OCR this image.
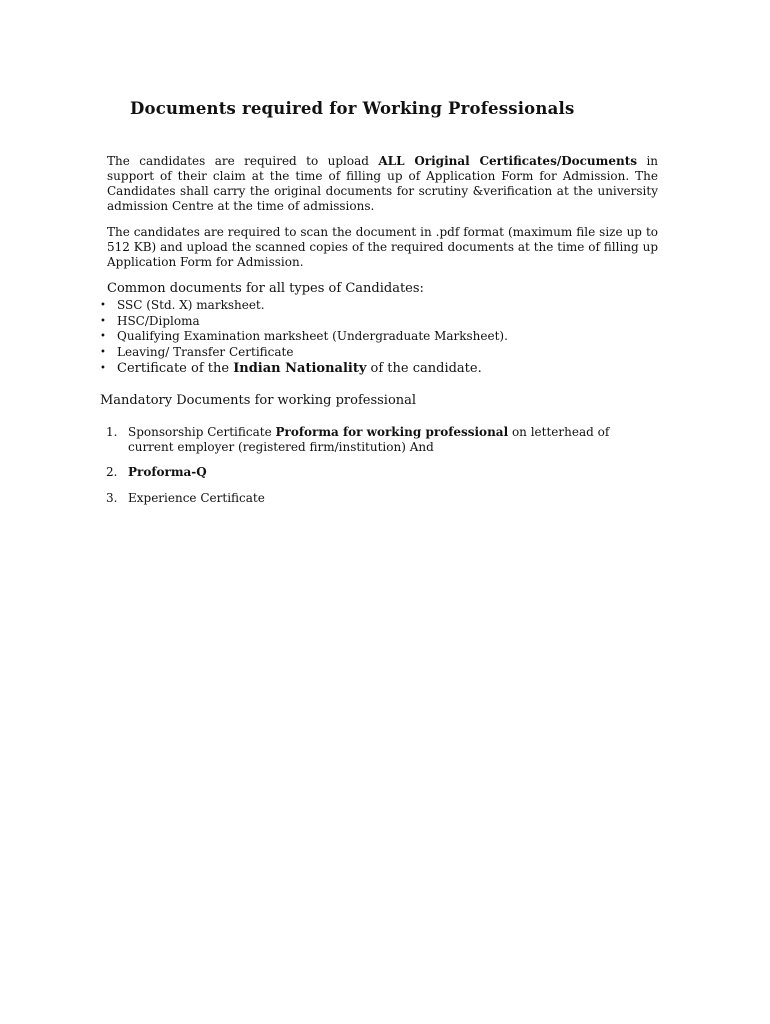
Documents required for Working Professionals
The candidates are required to upload ALL Original Certificates/Documents in support of their claim at the time of filling up of Application Form for Admission. The Candidates shall carry the original documents for scrutiny &verification at the university admission Centre at the time of admissions.
The candidates are required to scan the document in .pdf format (maximum file size up to 512 KB) and upload the scanned copies of the required documents at the time of filling up Application Form for Admission.
Common documents for all types of Candidates:
• SSC (Std. X) marksheet.
• HSC/Diploma
• Qualifying Examination marksheet (Undergraduate Marksheet).
• Leaving/ Transfer Certificate
• Certificate of the Indian Nationality of the candidate.
Mandatory Documents for working professional
1. Sponsorship Certificate Proforma for working professional on letterhead of current employer (registered firm/institution) And
2. Proforma-Q
3. Experience Certificate
